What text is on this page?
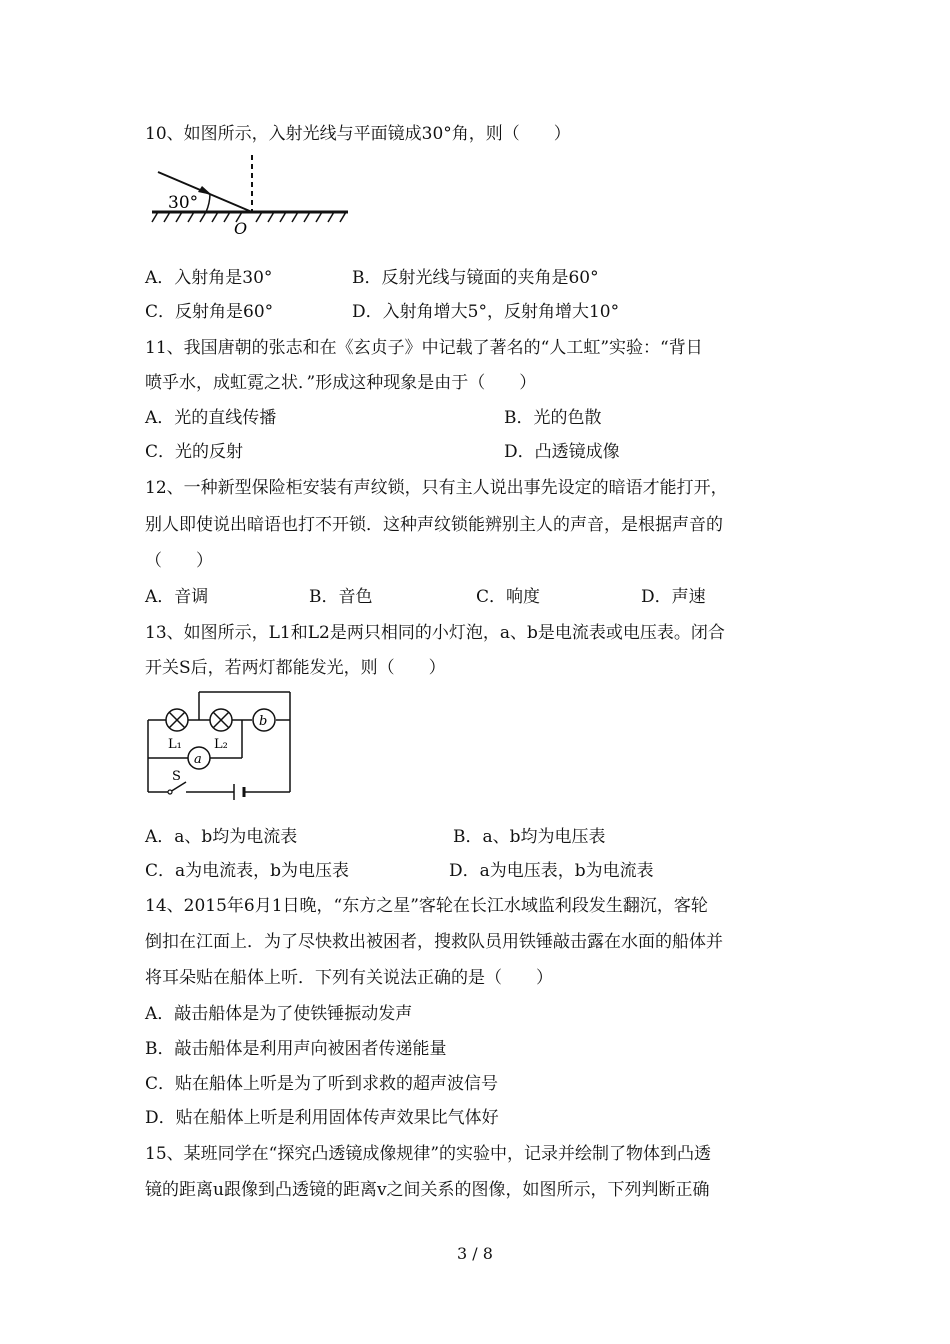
10、如图所示，入射光线与平面镜成30°角，则（　　）
30°
O
A．入射角是30°	B．反射光线与镜面的夹角是60°
C．反射角是60°	D．入射角增大5°，反射角增大10°
11、我国唐朝的张志和在《玄贞子》中记载了著名的“人工虹”实验：“背日
喷乎水，成虹霓之状．”形成这种现象是由于（　　）
A．光的直线传播	B．光的色散
C．光的反射	D．凸透镜成像
12、一种新型保险柜安装有声纹锁，只有主人说出事先设定的暗语才能打开，
别人即使说出暗语也打不开锁．这种声纹锁能辨别主人的声音，是根据声音的
（　　）
A．音调	B．音色	C．响度	D．声速
13、如图所示，L1和L2是两只相同的小灯泡，a、b是电流表或电压表。闭合
开关S后，若两灯都能发光，则（　　）
b
a
L₁ L₂
S
A．a、b均为电流表	B．a、b均为电压表
C．a为电流表，b为电压表	D．a为电压表，b为电流表
14、2015年6月1日晚，“东方之星”客轮在长江水域监利段发生翻沉，客轮
倒扣在江面上．为了尽快救出被困者，搜救队员用铁锤敲击露在水面的船体并
将耳朵贴在船体上听．下列有关说法正确的是（　　）
A．敲击船体是为了使铁锤振动发声
B．敲击船体是利用声向被困者传递能量
C．贴在船体上听是为了听到求救的超声波信号
D．贴在船体上听是利用固体传声效果比气体好
15、某班同学在“探究凸透镜成像规律”的实验中，记录并绘制了物体到凸透
镜的距离u跟像到凸透镜的距离v之间关系的图像，如图所示，下列判断正确
3 / 8
